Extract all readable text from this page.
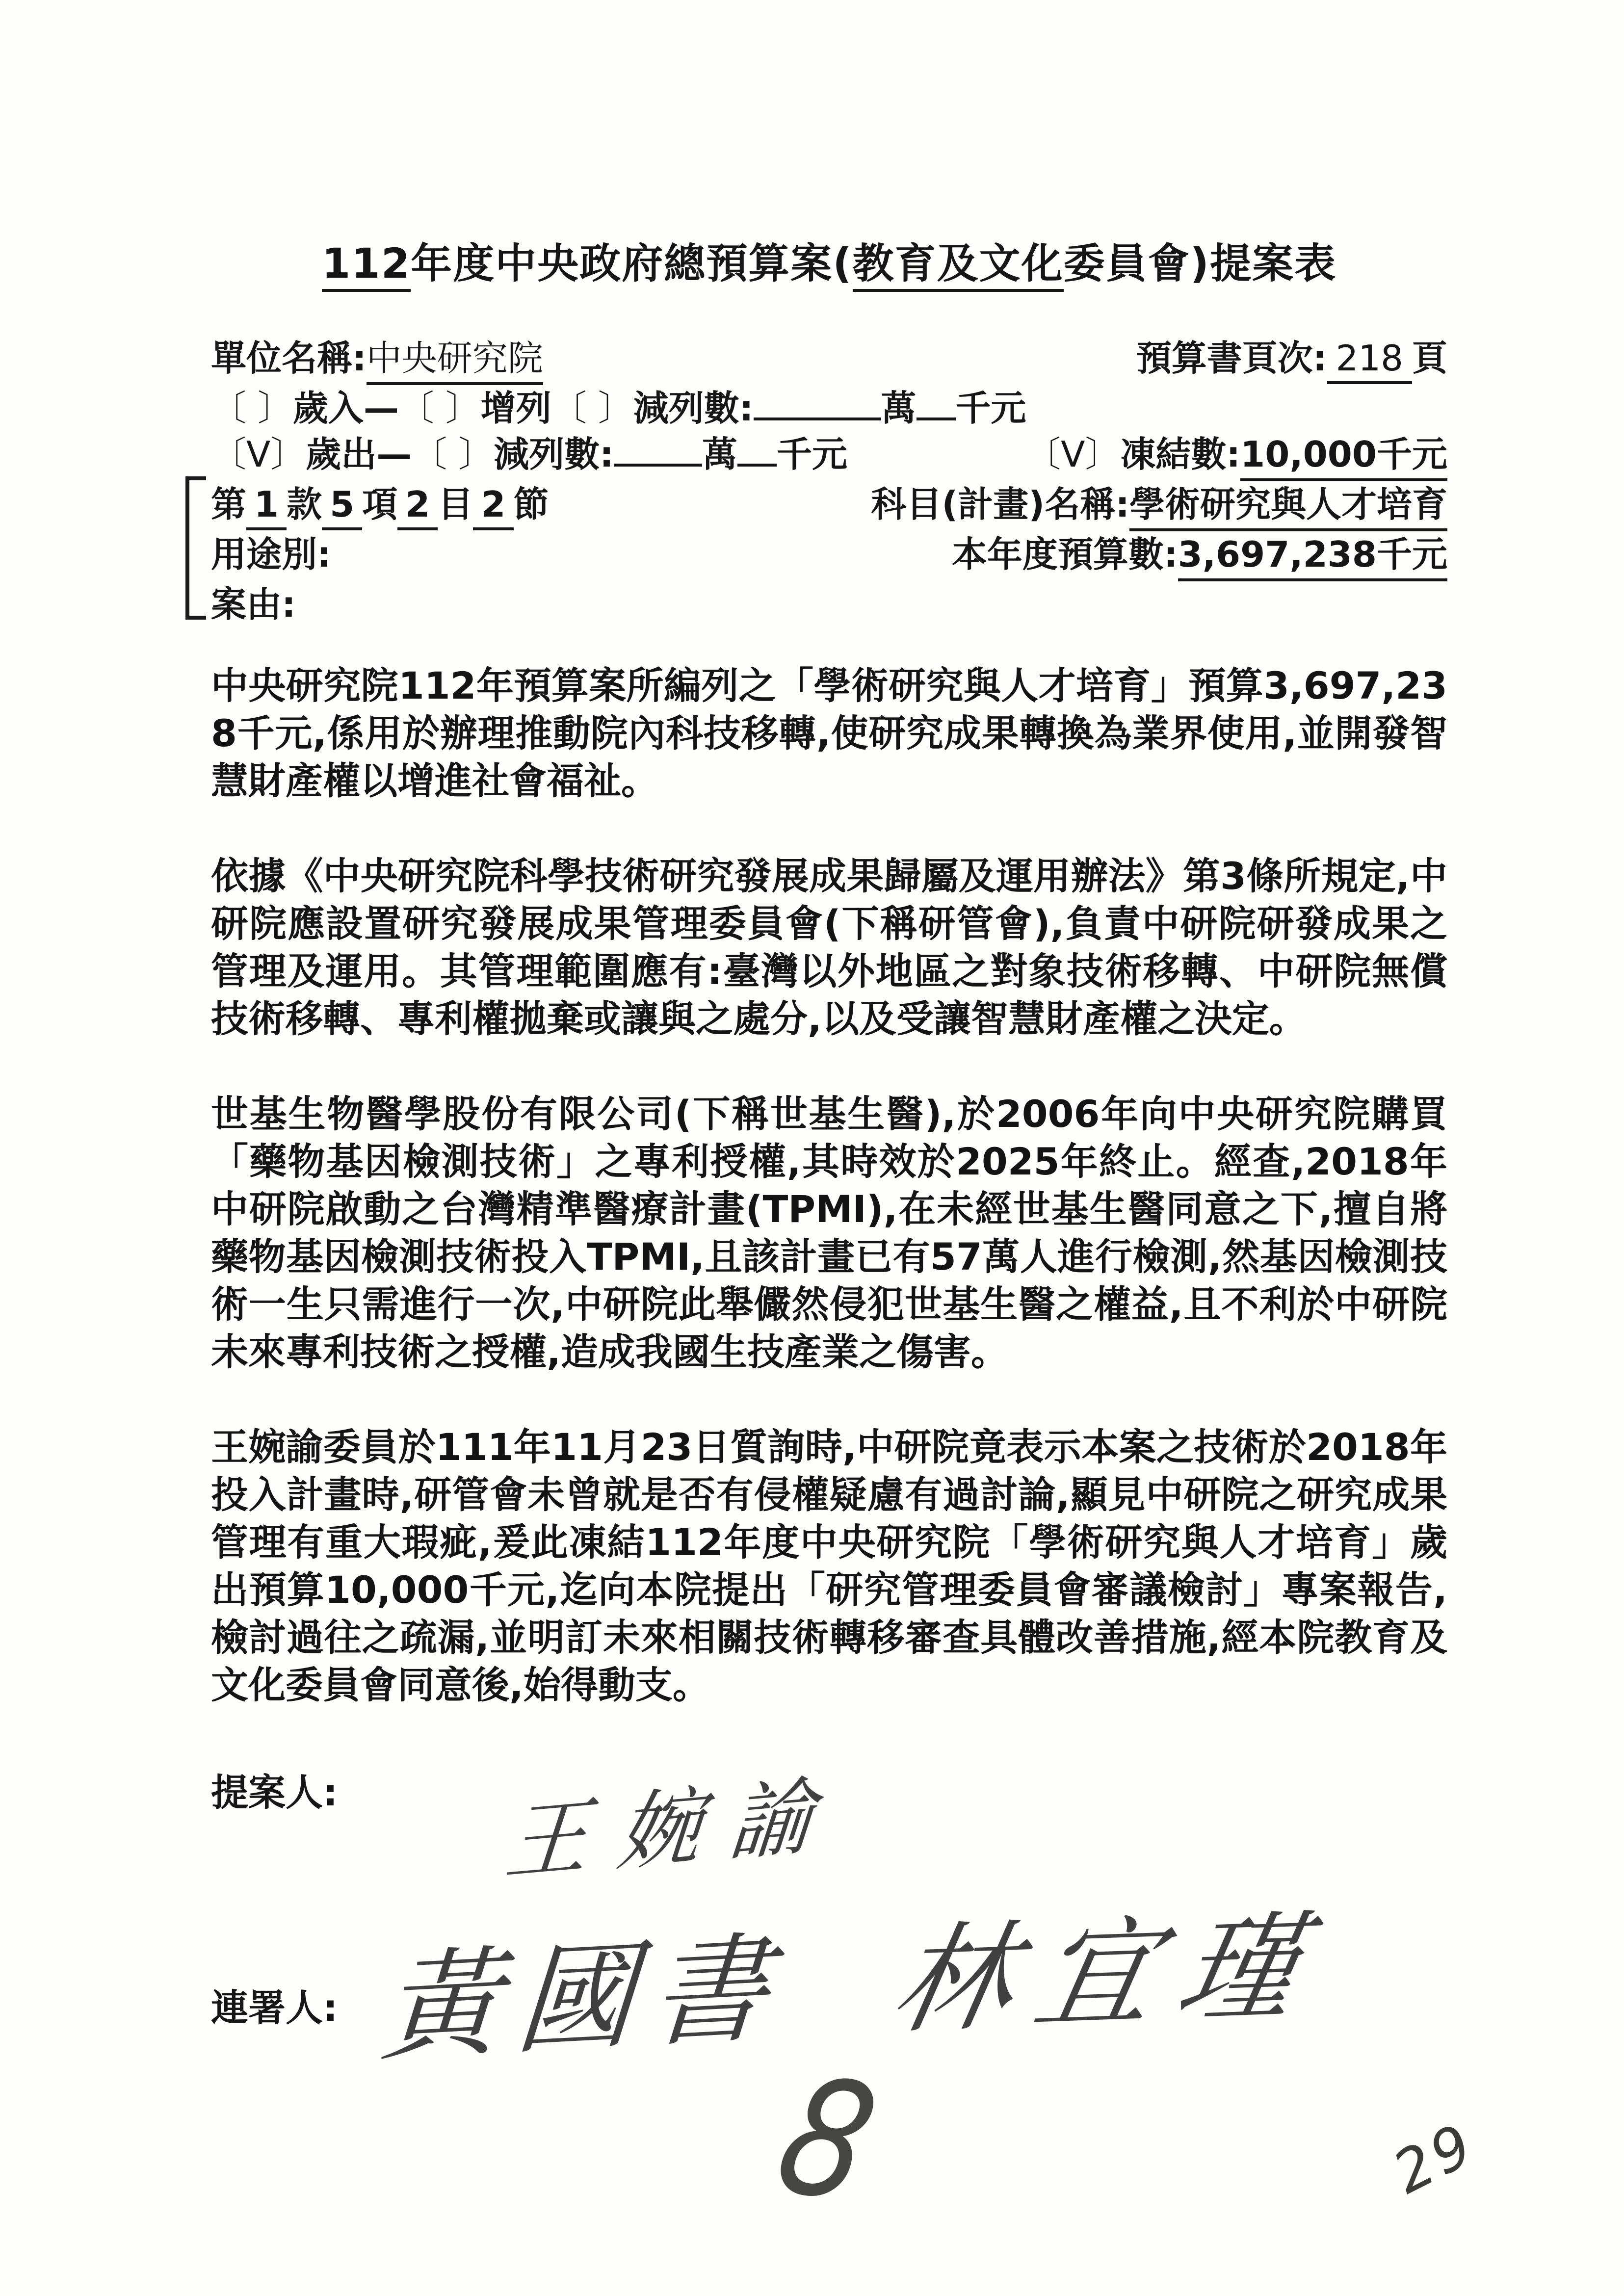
112年度中央政府總預算案(教育及文化委員會)提案表
單位名稱: 中央研究院	預算書頁次: 218 頁
〔 〕 歲入— 〔 〕 增列 〔 〕 減列數:	萬 千元
〔V〕 歲出— 〔 〕 減列數:	萬 千元	〔V〕 凍結數: 10,000千元
第 1 款 5 項 2 目 2 節	科目(計畫)名稱: 學術研究與人才培育
用途別:	本年度預算數: 3,697,238千元
案由:

中央研究院112年預算案所編列之「學術研究與人才培育」預算3,697,238千元,係用於辦理推動院內科技移轉,使研究成果轉換為業界使用,並開發智慧財產權以增進社會福祉。

依據《中央研究院科學技術研究發展成果歸屬及運用辦法》第3條所規定,中研院應設置研究發展成果管理委員會(下稱研管會),負責中研院研發成果之管理及運用。其管理範圍應有:臺灣以外地區之對象技術移轉、中研院無償技術移轉、專利權拋棄或讓與之處分,以及受讓智慧財產權之決定。

世基生物醫學股份有限公司(下稱世基生醫),於2006年向中央研究院購買「藥物基因檢測技術」之專利授權,其時效於2025年終止。經查,2018年中研院啟動之台灣精準醫療計畫(TPMI),在未經世基生醫同意之下,擅自將藥物基因檢測技術投入TPMI,且該計畫已有57萬人進行檢測,然基因檢測技術一生只需進行一次,中研院此舉儼然侵犯世基生醫之權益,且不利於中研院未來專利技術之授權,造成我國生技產業之傷害。

王婉諭委員於111年11月23日質詢時,中研院竟表示本案之技術於2018年投入計畫時,研管會未曾就是否有侵權疑慮有過討論,顯見中研院之研究成果管理有重大瑕疵,爰此凍結112年度中央研究院「學術研究與人才培育」歲出預算10,000千元,迄向本院提出「研究管理委員會審議檢討」專案報告,檢討過往之疏漏,並明訂未來相關技術轉移審查具體改善措施,經本院教育及文化委員會同意後,始得動支。

提案人:
連署人:
王婉諭
黃國書 林宜瑾
8	29
